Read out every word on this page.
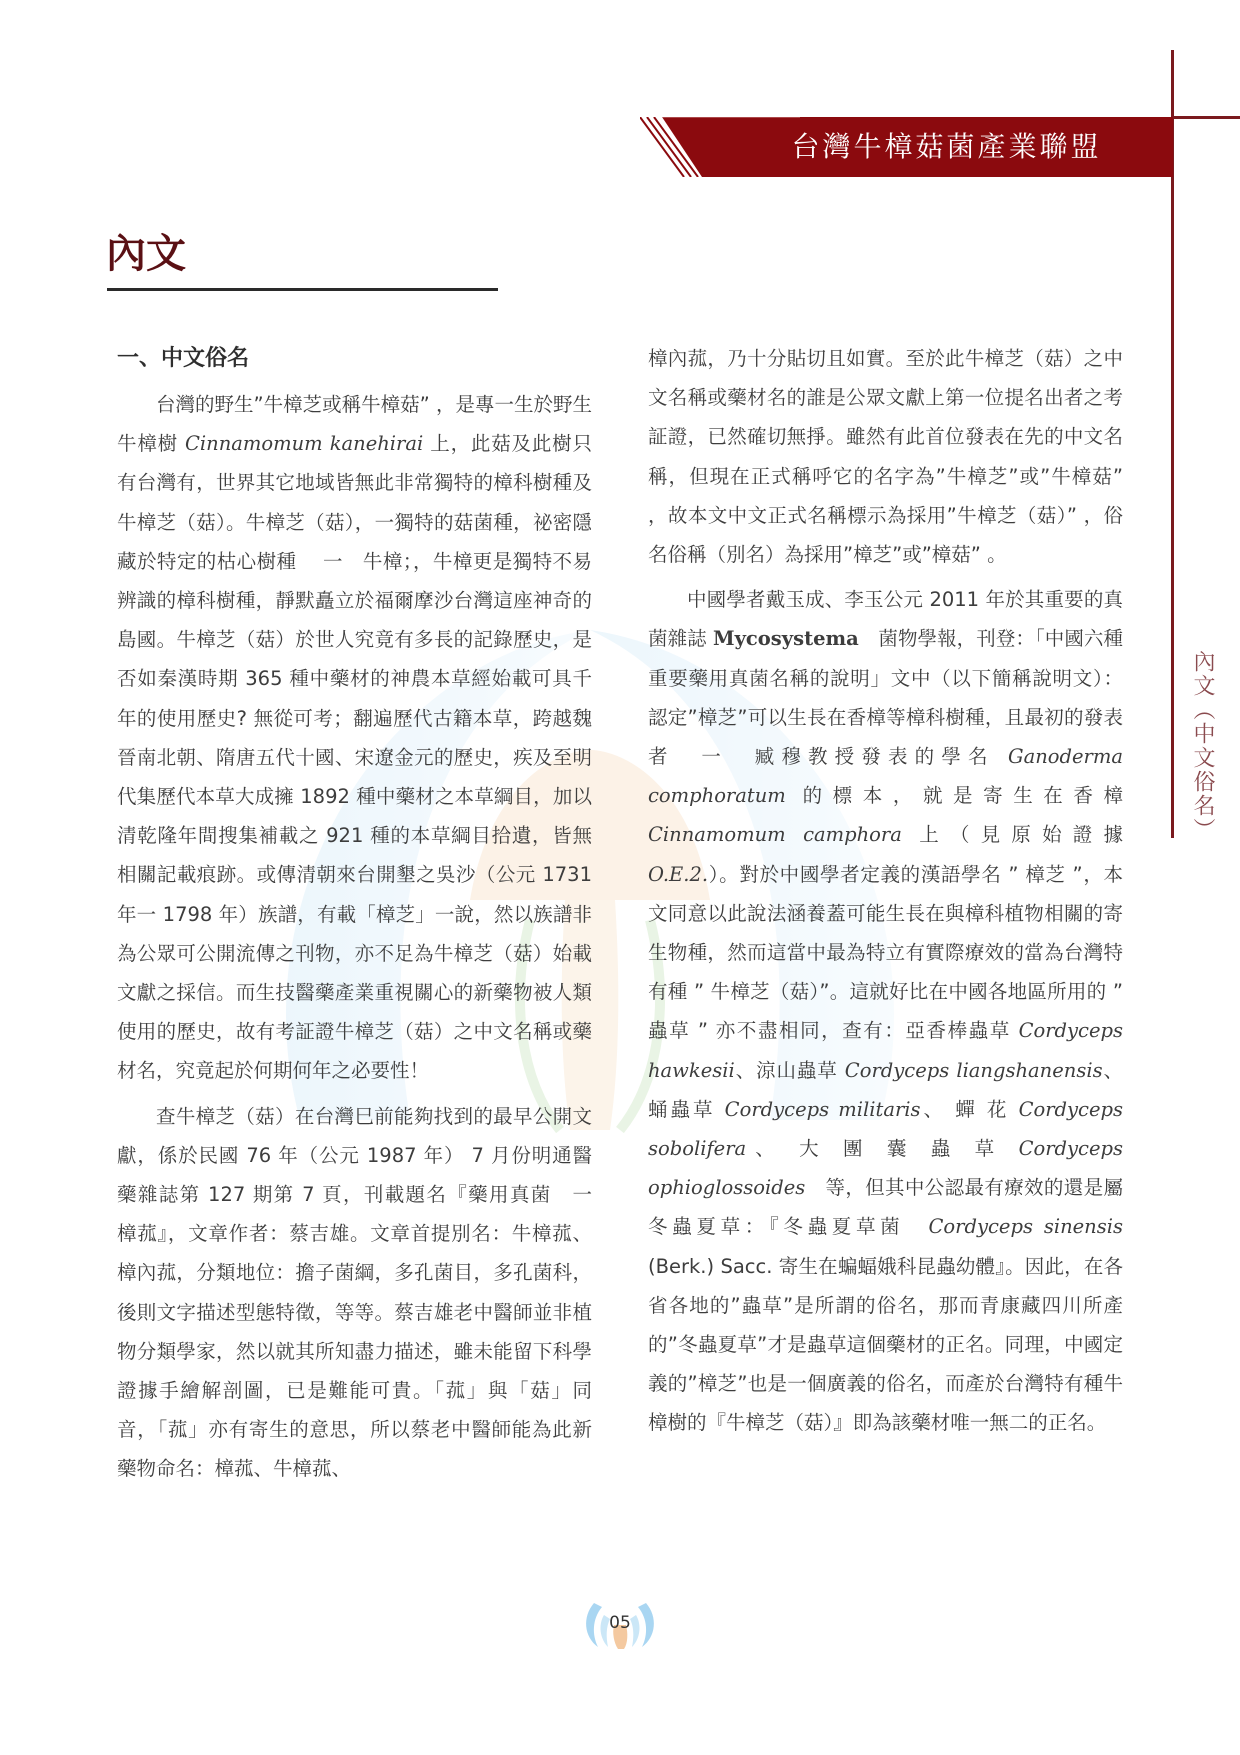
台灣牛樟菇菌產業聯盟
內文
一、中文俗名

台灣的野生”牛樟芝或稱牛樟菇” ，是專一生於野生牛樟樹 Cinnamomum kanehirai 上，此菇及此樹只有台灣有，世界其它地域皆無此非常獨特的樟科樹種及牛樟芝（菇）。牛樟芝（菇），一獨特的菇菌種，祕密隱藏於特定的枯心樹種 　一　牛樟；，牛樟更是獨特不易辨識的樟科樹種，靜默矗立於福爾摩沙台灣這座神奇的島國。牛樟芝（菇）於世人究竟有多長的記錄歷史，是否如秦漢時期 365 種中藥材的神農本草經始載可具千年的使用歷史? 無從可考；翻遍歷代古籍本草，跨越魏晉南北朝、隋唐五代十國、宋遼金元的歷史，疾及至明代集歷代本草大成擁 1892 種中藥材之本草綱目，加以清乾隆年間搜集補載之 921 種的本草綱目拾遺，皆無相關記載痕跡。或傳清朝來台開墾之吳沙（公元 1731 年一 1798 年）族譜，有載「樟芝」一說，然以族譜非為公眾可公開流傳之刊物，亦不足為牛樟芝（菇）始載文獻之採信。而生技醫藥產業重視關心的新藥物被人類使用的歷史，故有考証證牛樟芝（菇）之中文名稱或藥材名，究竟起於何期何年之必要性！

查牛樟芝（菇）在台灣巳前能夠找到的最早公開文獻，係於民國 76 年（公元 1987 年） 7 月份明通醫藥雜誌第 127 期第 7 頁，刊載題名『藥用真菌　一　樟菰』，文章作者：蔡吉雄。文章首提別名：牛樟菰、樟內菰，分類地位：擔子菌綱，多孔菌目，多孔菌科，後則文字描述型態特徵，等等。蔡吉雄老中醫師並非植物分類學家，然以就其所知盡力描述，雖未能留下科學證據手繪解剖圖，已是難能可貴。「菰」與「菇」同音，「菰」亦有寄生的意思，所以蔡老中醫師能為此新藥物命名：樟菰、牛樟菰、

樟內菰，乃十分貼切且如實。至於此牛樟芝（菇）之中文名稱或藥材名的誰是公眾文獻上第一位提名出者之考証證，已然確切無掙。雖然有此首位發表在先的中文名稱，但現在正式稱呼它的名字為”牛樟芝”或”牛樟菇” ，故本文中文正式名稱標示為採用”牛樟芝（菇）” ，俗名俗稱（別名）為採用”樟芝”或”樟菇” 。

中國學者戴玉成、李玉公元 2011 年於其重要的真菌雜誌 Mycosystema　菌物學報，刊登：「中國六種重要藥用真菌名稱的說明」文中（以下簡稱說明文）：認定”樟芝”可以生長在香樟等樟科樹種，且最初的發表者　一　臧穆教授發表的學名 Ganoderma comphoratum 的標本，就是寄生在香樟 Cinnamomum camphora 上（見原始證據 O.E.2.）。對於中國學者定義的漢語學名 ” 樟芝 ”，本文同意以此說法涵養蓋可能生長在與樟科植物相關的寄生物種，然而這當中最為特立有實際療效的當為台灣特有種 ” 牛樟芝（菇）”。這就好比在中國各地區所用的 ” 蟲草 ” 亦不盡相同，查有：亞香棒蟲草 Cordyceps hawkesii、涼山蟲草 Cordyceps liangshanensis、蛹蟲草 Cordyceps militaris、 蟬 花 Cordyceps sobolifera、 大 團 囊 蟲 草 Cordyceps ophioglossoides　等，但其中公認最有療效的還是屬冬蟲夏草：『冬蟲夏草菌　Cordyceps sinensis (Berk.) Sacc. 寄生在蝙蝠娥科昆蟲幼體』。因此，在各省各地的”蟲草”是所謂的俗名，那而青康藏四川所產的”冬蟲夏草”才是蟲草這個藥材的正名。同理，中國定義的”樟芝”也是一個廣義的俗名，而產於台灣特有種牛樟樹的『牛樟芝（菇）』即為該藥材唯一無二的正名。

內文（中文俗名）
05
